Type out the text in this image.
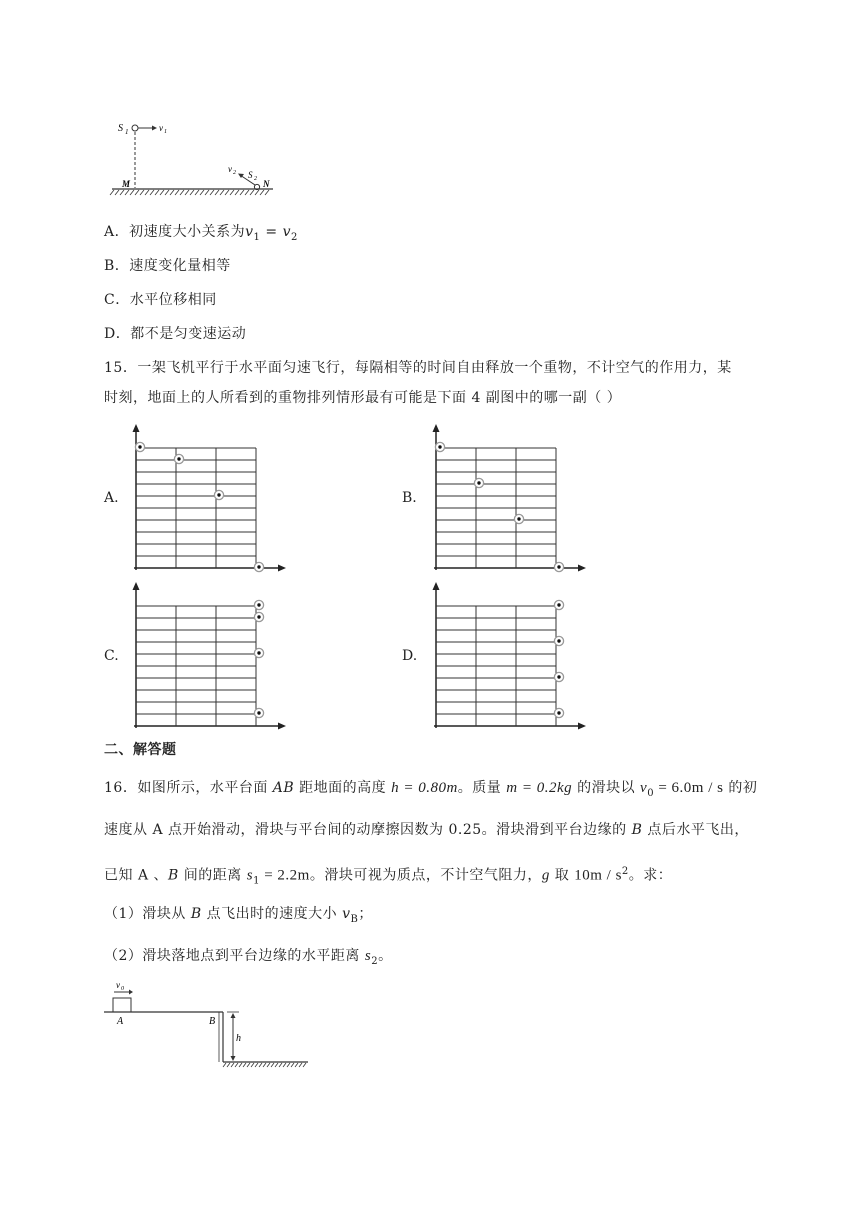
S 1	v 1
M	N
v 2 S 2
A．初速度大小关系为$v_1 = v_2$
B．速度变化量相等
C．水平位移相同
D．都不是匀变速运动
15．一架飞机平行于水平面匀速飞行，每隔相等的时间自由释放一个重物，不计空气的作用力，某
时刻，地面上的人所看到的重物排列情形最有可能是下面 4 副图中的哪一副（ ）
A.	B.
C.	D.
二、解答题
16．如图所示，水平台面 AB 距地面的高度 h = 0.80m。质量 m = 0.2kg 的滑块以 $v_0 = 6.0m / s$ 的初
速度从 A 点开始滑动，滑块与平台间的动摩擦因数为 0.25。滑块滑到平台边缘的 B 点后水平飞出，
已知 A 、B 间的距离 $s_1 = 2.2m$。滑块可视为质点，不计空气阻力，g 取 $10m / s^2$。求：
（1）滑块从 B 点飞出时的速度大小 $v_B$；
（2）滑块落地点到平台边缘的水平距离 $s_2$。
v 0
h
A	B
